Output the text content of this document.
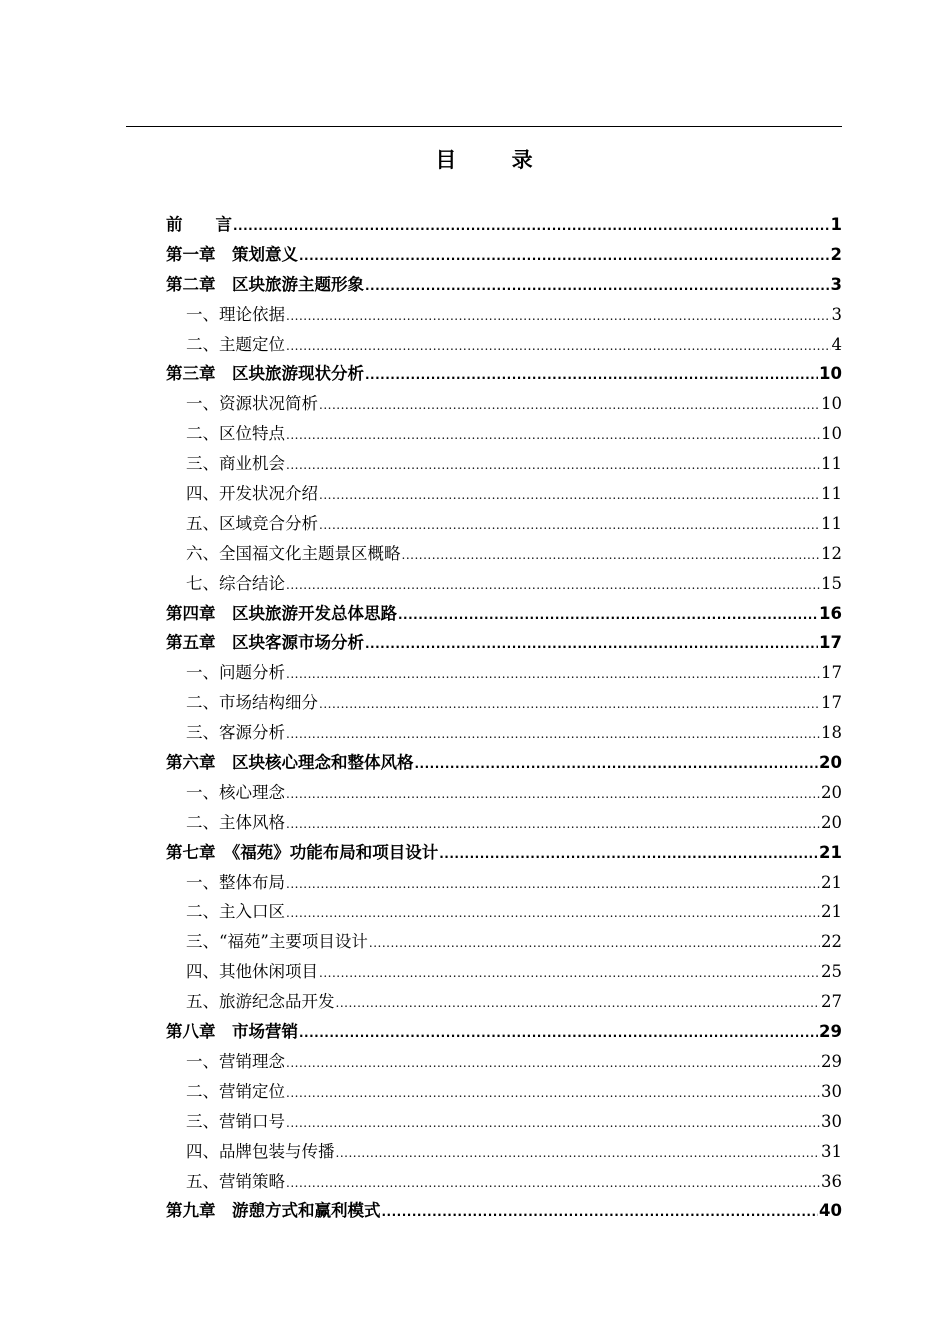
目 录
前　　言 .....	1
第一章　策划意义 .....	2
第二章　区块旅游主题形象 .....	3
一、理论依据 .....	3
二、主题定位 .....	4
第三章　区块旅游现状分析 .....	10
一、资源状况简析 .....	10
二、区位特点 .....	10
三、商业机会 .....	11
四、开发状况介绍 .....	11
五、区域竞合分析 .....	11
六、全国福文化主题景区概略 .....	12
七、综合结论 .....	15
第四章　区块旅游开发总体思路 .....	16
第五章　区块客源市场分析 .....	17
一、问题分析 .....	17
二、市场结构细分 .....	17
三、客源分析 .....	18
第六章　区块核心理念和整体风格 .....	20
一、核心理念 .....	20
二、主体风格 .....	20
第七章　《福苑》功能布局和项目设计 .....	21
一、整体布局 .....	21
二、主入口区 .....	21
三、“福苑”主要项目设计 .....	22
四、其他休闲项目 .....	25
五、旅游纪念品开发 .....	27
第八章　市场营销 .....	29
一、营销理念 .....	29
二、营销定位 .....	30
三、营销口号 .....	30
四、品牌包装与传播 .....	31
五、营销策略 .....	36
第九章　游憩方式和赢利模式 .....	40
